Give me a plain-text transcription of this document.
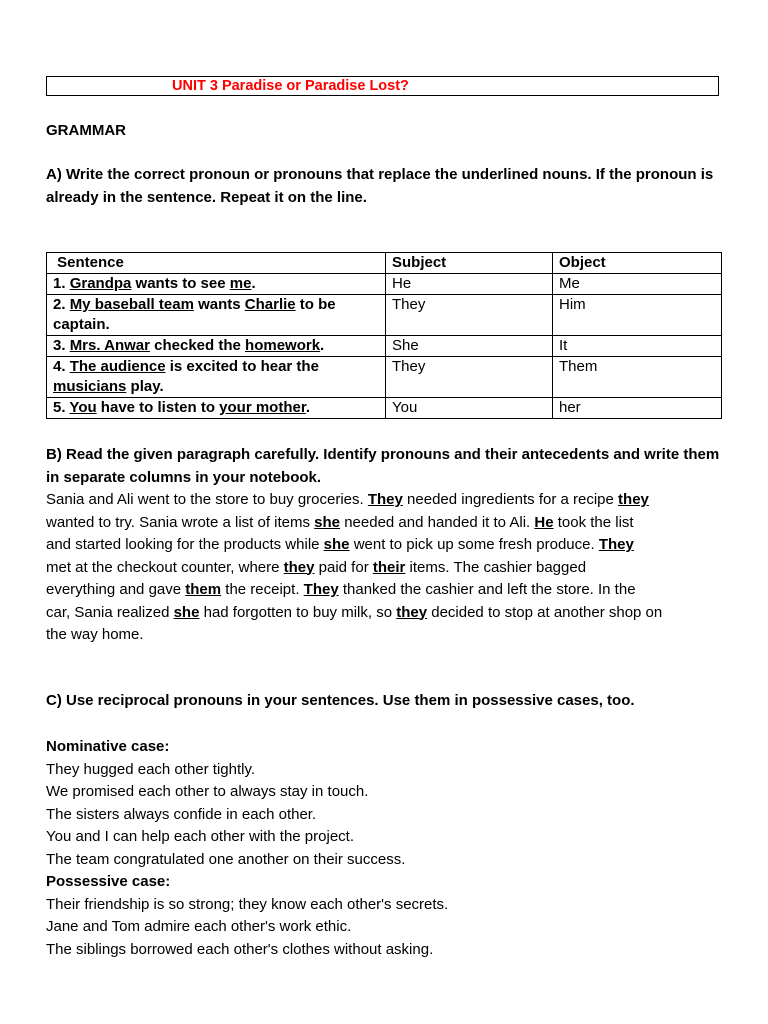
UNIT 3 Paradise or Paradise Lost?
GRAMMAR
A) Write the correct pronoun or pronouns that replace the underlined nouns. If the pronoun is already in the sentence. Repeat it on the line.
Sentence	Subject	Object
1. Grandpa wants to see me.	He	Me
2. My baseball team wants Charlie to be captain.	They	Him
3. Mrs. Anwar checked the homework.	She	It
4. The audience is excited to hear the musicians play.	They	Them
5. You have to listen to your mother.	You	her
B) Read the given paragraph carefully. Identify pronouns and their antecedents and write them in separate columns in your notebook.
Sania and Ali went to the store to buy groceries. They needed ingredients for a recipe they
wanted to try. Sania wrote a list of items she needed and handed it to Ali. He took the list
and started looking for the products while she went to pick up some fresh produce. They
met at the checkout counter, where they paid for their items. The cashier bagged
everything and gave them the receipt. They thanked the cashier and left the store. In the
car, Sania realized she had forgotten to buy milk, so they decided to stop at another shop on
the way home.
C) Use reciprocal pronouns in your sentences. Use them in possessive cases, too.
Nominative case:
They hugged each other tightly.
We promised each other to always stay in touch.
The sisters always confide in each other.
You and I can help each other with the project.
The team congratulated one another on their success.
Possessive case:
Their friendship is so strong; they know each other's secrets.
Jane and Tom admire each other's work ethic.
The siblings borrowed each other's clothes without asking.
